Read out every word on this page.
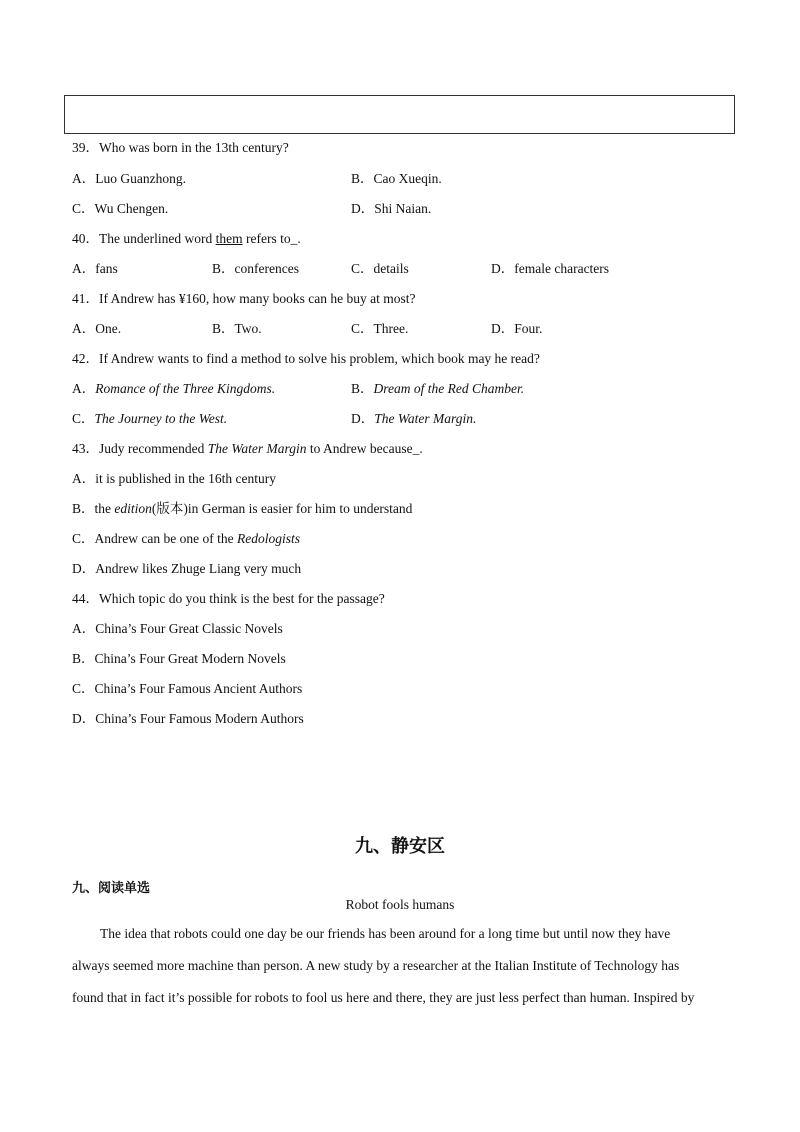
39．Who was born in the 13th century?
A．Luo Guanzhong.	B．Cao Xueqin.
C．Wu Chengen.	D．Shi Naian.
40．The underlined word them refers to_.
A．fans	B．conferences	C．details	D．female characters
41．If Andrew has ¥160, how many books can he buy at most?
A．One.	B．Two.	C．Three.	D．Four.
42．If Andrew wants to find a method to solve his problem, which book may he read?
A．Romance of the Three Kingdoms.	B．Dream of the Red Chamber.
C．The Journey to the West.	D．The Water Margin.
43．Judy recommended The Water Margin to Andrew because_.
A．it is published in the 16th century
B．the edition(版本)in German is easier for him to understand
C．Andrew can be one of the Redologists
D．Andrew likes Zhuge Liang very much
44．Which topic do you think is the best for the passage?
A．China’s Four Great Classic Novels
B．China’s Four Great Modern Novels
C．China’s Four Famous Ancient Authors
D．China’s Four Famous Modern Authors
九、静安区
九、阅读单选
Robot fools humans
The idea that robots could one day be our friends has been around for a long time but until now they have
always seemed more machine than person. A new study by a researcher at the Italian Institute of Technology has
found that in fact it’s possible for robots to fool us here and there, they are just less perfect than human. Inspired by
